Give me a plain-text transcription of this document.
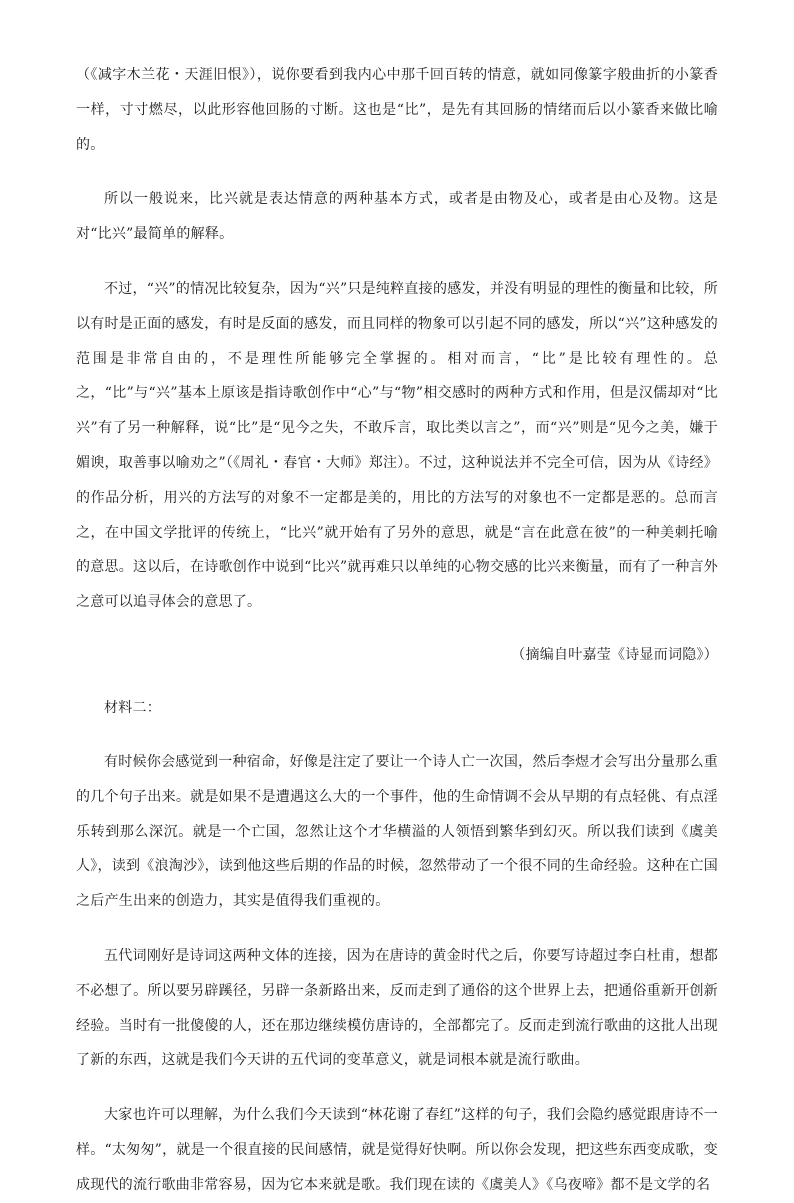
（《减字木兰花・天涯旧恨》），说你要看到我内心中那千回百转的情意，就如同像篆字般曲折的小篆香一样，寸寸燃尽，以此形容他回肠的寸断。这也是“比”，是先有其回肠的情绪而后以小篆香来做比喻的。

所以一般说来，比兴就是表达情意的两种基本方式，或者是由物及心，或者是由心及物。这是对“比兴”最简单的解释。

不过，“兴”的情况比较复杂，因为“兴”只是纯粹直接的感发，并没有明显的理性的衡量和比较，所以有时是正面的感发，有时是反面的感发，而且同样的物象可以引起不同的感发，所以“兴”这种感发的范围是非常自由的，不是理性所能够完全掌握的。相对而言，“比”是比较有理性的。总之，“比”与“兴”基本上原该是指诗歌创作中“心”与“物”相交感时的两种方式和作用，但是汉儒却对“比兴”有了另一种解释，说“比”是“见今之失，不敢斥言，取比类以言之”，而“兴”则是“见今之美，嫌于媚谀，取善事以喻劝之”（《周礼・春官・大师》郑注）。不过，这种说法并不完全可信，因为从《诗经》的作品分析，用兴的方法写的对象不一定都是美的，用比的方法写的对象也不一定都是恶的。总而言之，在中国文学批评的传统上，“比兴”就开始有了另外的意思，就是“言在此意在彼”的一种美刺托喻的意思。这以后，在诗歌创作中说到“比兴”就再难只以单纯的心物交感的比兴来衡量，而有了一种言外之意可以追寻体会的意思了。

（摘编自叶嘉莹《诗显而词隐》）

材料二：

有时候你会感觉到一种宿命，好像是注定了要让一个诗人亡一次国，然后李煜才会写出分量那么重的几个句子出来。就是如果不是遭遇这么大的一个事件，他的生命情调不会从早期的有点轻佻、有点淫乐转到那么深沉。就是一个亡国，忽然让这个才华横溢的人领悟到繁华到幻灭。所以我们读到《虞美人》，读到《浪淘沙》，读到他这些后期的作品的时候，忽然带动了一个很不同的生命经验。这种在亡国之后产生出来的创造力，其实是值得我们重视的。

五代词刚好是诗词这两种文体的连接，因为在唐诗的黄金时代之后，你要写诗超过李白杜甫，想都不必想了。所以要另辟蹊径，另辟一条新路出来，反而走到了通俗的这个世界上去，把通俗重新开创新经验。当时有一批傻傻的人，还在那边继续模仿唐诗的，全部都完了。反而走到流行歌曲的这批人出现了新的东西，这就是我们今天讲的五代词的变革意义，就是词根本就是流行歌曲。

大家也许可以理解，为什么我们今天读到“林花谢了春红”这样的句子，我们会隐约感觉跟唐诗不一样。“太匆匆”，就是一个很直接的民间感情，就是觉得好快啊。所以你会发现，把这些东西变成歌，变成现代的流行歌曲非常容易，因为它本来就是歌。我们现在读的《虞美人》《乌夜啼》都不是文学的名
